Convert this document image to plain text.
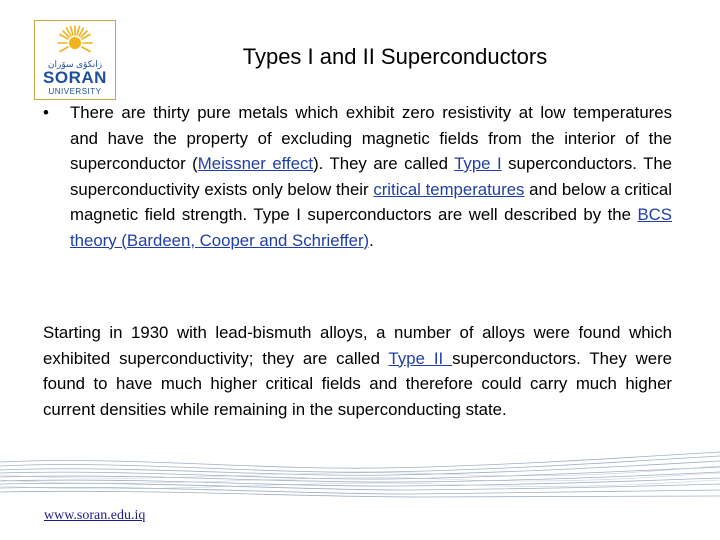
زانکۆی سۆران
SORAN
UNIVERSITY
Types I and II Superconductors
• There are thirty pure metals which exhibit zero resistivity at low temperatures and have the property of excluding magnetic fields from the interior of the superconductor (Meissner effect). They are called Type I superconductors. The superconductivity exists only below their critical temperatures and below a critical magnetic field strength. Type I superconductors are well described by the BCS theory (Bardeen, Cooper and Schrieffer).
Starting in 1930 with lead-bismuth alloys, a number of alloys were found which exhibited superconductivity; they are called Type II superconductors. They were found to have much higher critical fields and therefore could carry much higher current densities while remaining in the superconducting state.
www.soran.edu.iq
